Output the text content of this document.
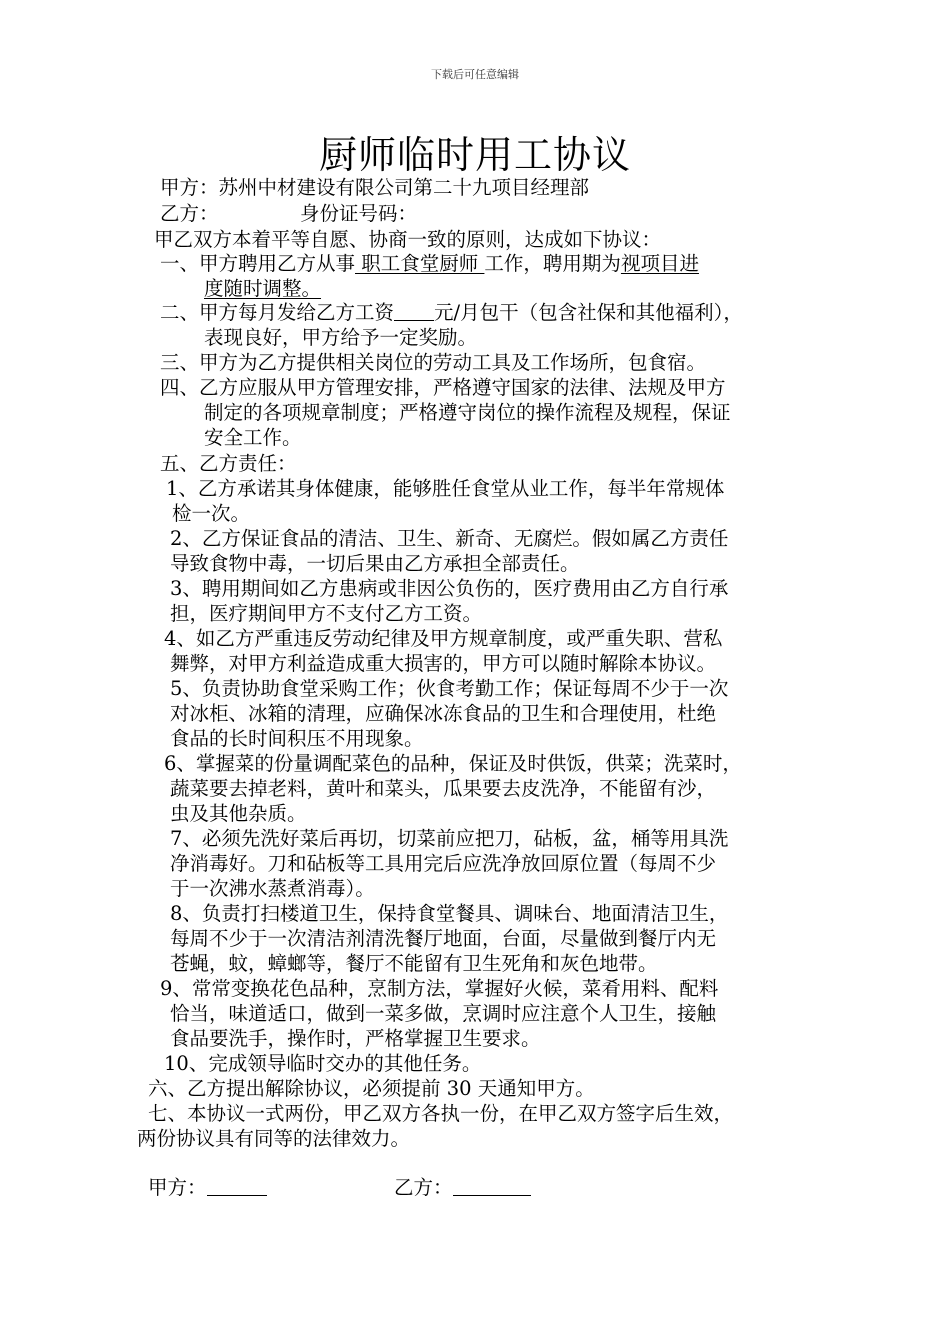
下载后可任意编辑
厨师临时用工协议
甲方：苏州中材建设有限公司第二十九项目经理部
乙方：	身份证号码：
甲乙双方本着平等自愿、协商一致的原则，达成如下协议：
一、甲方聘用乙方从事 职工食堂厨师 工作，聘用期为视项目进
度随时调整。
二、甲方每月发给乙方工资 元/月包干（包含社保和其他福利），
表现良好，甲方给予一定奖励。
三、甲方为乙方提供相关岗位的劳动工具及工作场所，包食宿。
四、乙方应服从甲方管理安排，严格遵守国家的法律、法规及甲方
制定的各项规章制度；严格遵守岗位的操作流程及规程，保证
安全工作。
五、乙方责任：
1、乙方承诺其身体健康，能够胜任食堂从业工作，每半年常规体
检一次。
2、乙方保证食品的清洁、卫生、新奇、无腐烂。假如属乙方责任
导致食物中毒，一切后果由乙方承担全部责任。
3、聘用期间如乙方患病或非因公负伤的，医疗费用由乙方自行承
担，医疗期间甲方不支付乙方工资。
4、如乙方严重违反劳动纪律及甲方规章制度，或严重失职、营私
舞弊，对甲方利益造成重大损害的，甲方可以随时解除本协议。
5、负责协助食堂采购工作；伙食考勤工作；保证每周不少于一次
对冰柜、冰箱的清理，应确保冰冻食品的卫生和合理使用，杜绝
食品的长时间积压不用现象。
6、掌握菜的份量调配菜色的品种，保证及时供饭，供菜；洗菜时，
蔬菜要去掉老料，黄叶和菜头，瓜果要去皮洗净，不能留有沙，
虫及其他杂质。
7、必须先洗好菜后再切，切菜前应把刀，砧板，盆，桶等用具洗
净消毒好。刀和砧板等工具用完后应洗净放回原位置（每周不少
于一次沸水蒸煮消毒）。
8、负责打扫楼道卫生，保持食堂餐具、调味台、地面清洁卫生，
每周不少于一次清洁剂清洗餐厅地面，台面，尽量做到餐厅内无
苍蝇，蚊，蟑螂等，餐厅不能留有卫生死角和灰色地带。
9、常常变换花色品种，烹制方法，掌握好火候，菜肴用料、配料
恰当，味道适口，做到一菜多做，烹调时应注意个人卫生，接触
食品要洗手，操作时，严格掌握卫生要求。
10、完成领导临时交办的其他任务。
六、乙方提出解除协议，必须提前 30 天通知甲方。
七、本协议一式两份，甲乙双方各执一份，在甲乙双方签字后生效，
两份协议具有同等的法律效力。
甲方：	乙方：
